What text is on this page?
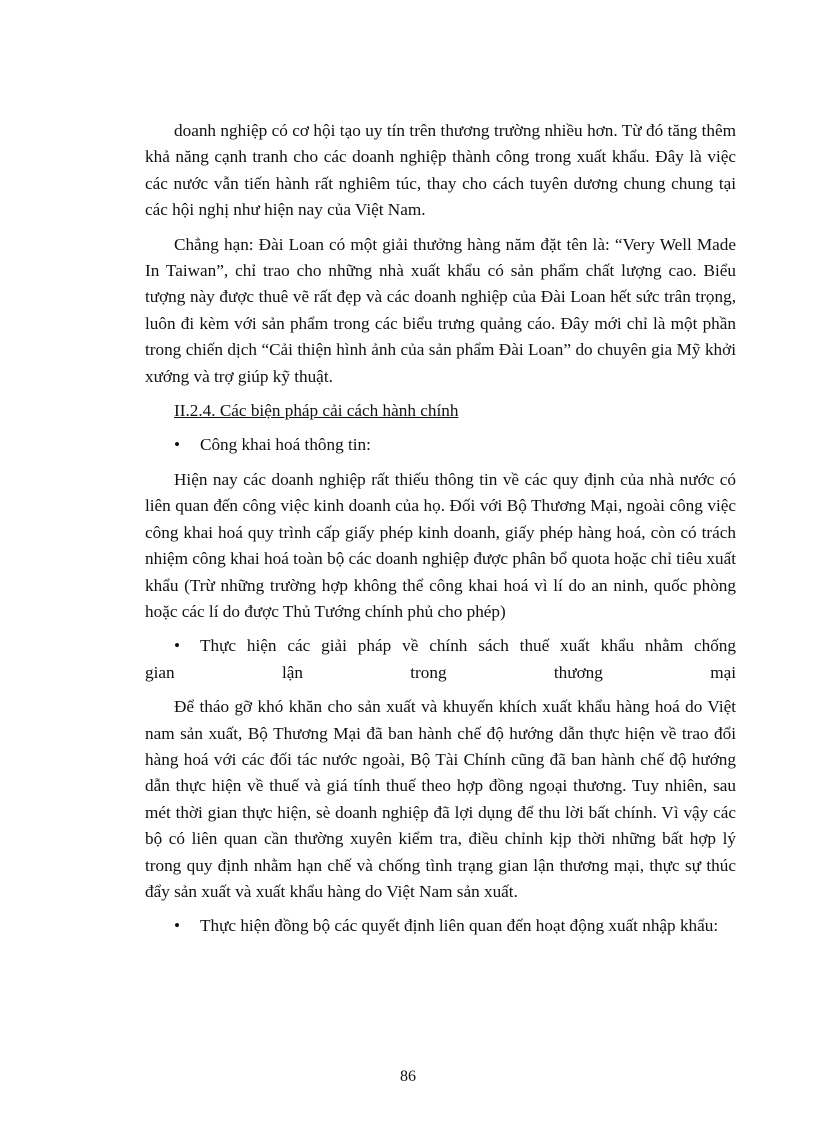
doanh nghiệp có cơ hội tạo uy tín trên thương trường nhiều hơn. Từ đó tăng thêm khả năng cạnh tranh cho các doanh nghiệp thành công trong xuất khẩu. Đây là việc các nước vẫn tiến hành rất nghiêm túc, thay cho cách tuyên dương chung chung tại các hội nghị như hiện nay của Việt Nam.

Chẳng hạn: Đài Loan có một giải thưởng hàng năm đặt tên là: “Very Well Made In Taiwan”, chỉ trao cho những nhà xuất khẩu có sản phẩm chất lượng cao. Biểu tượng này được thuê vẽ rất đẹp và các doanh nghiệp của Đài Loan hết sức trân trọng, luôn đi kèm với sản phẩm trong các biểu trưng quảng cáo. Đây mới chỉ là một phần trong chiến dịch “Cải thiện hình ảnh của sản phẩm Đài Loan” do chuyên gia Mỹ khởi xướng và trợ giúp kỹ thuật.

II.2.4. Các biện pháp cải cách hành chính

•	Công khai hoá thông tin:

Hiện nay các doanh nghiệp rất thiếu thông tin về các quy định của nhà nước có liên quan đến công việc kinh doanh của họ. Đối với Bộ Thương Mại, ngoài công việc công khai hoá quy trình cấp giấy phép kinh doanh, giấy phép hàng hoá, còn có trách nhiệm công khai hoá toàn bộ các doanh nghiệp được phân bổ quota hoặc chỉ tiêu xuất khẩu (Trừ những trường hợp không thể công khai hoá vì lí do an ninh, quốc phòng hoặc các lí do được Thủ Tướng chính phủ cho phép)

•	Thực hiện các giải pháp về chính sách thuế xuất khẩu nhằm chống

gian lận trong thương mại

Để tháo gỡ khó khăn cho sản xuất và khuyến khích xuất khẩu hàng hoá do Việt nam sản xuất, Bộ Thương Mại đã ban hành chế độ hướng dẫn thực hiện về trao đổi hàng hoá với các đối tác nước ngoài, Bộ Tài Chính cũng đã ban hành chế độ hướng dẫn thực hiện về thuế và giá tính thuế theo hợp đồng ngoại thương. Tuy nhiên, sau mét thời gian thực hiện, sè doanh nghiệp đã lợi dụng để thu lời bất chính. Vì vậy các bộ có liên quan cần thường xuyên kiểm tra, điều chỉnh kịp thời những bất hợp lý trong quy định nhằm hạn chế và chống tình trạng gian lận thương mại, thực sự thúc đẩy sản xuất và xuất khẩu hàng do Việt Nam sản xuất.

•	Thực hiện đồng bộ các quyết định liên quan đến hoạt động xuất nhập khẩu:
86
